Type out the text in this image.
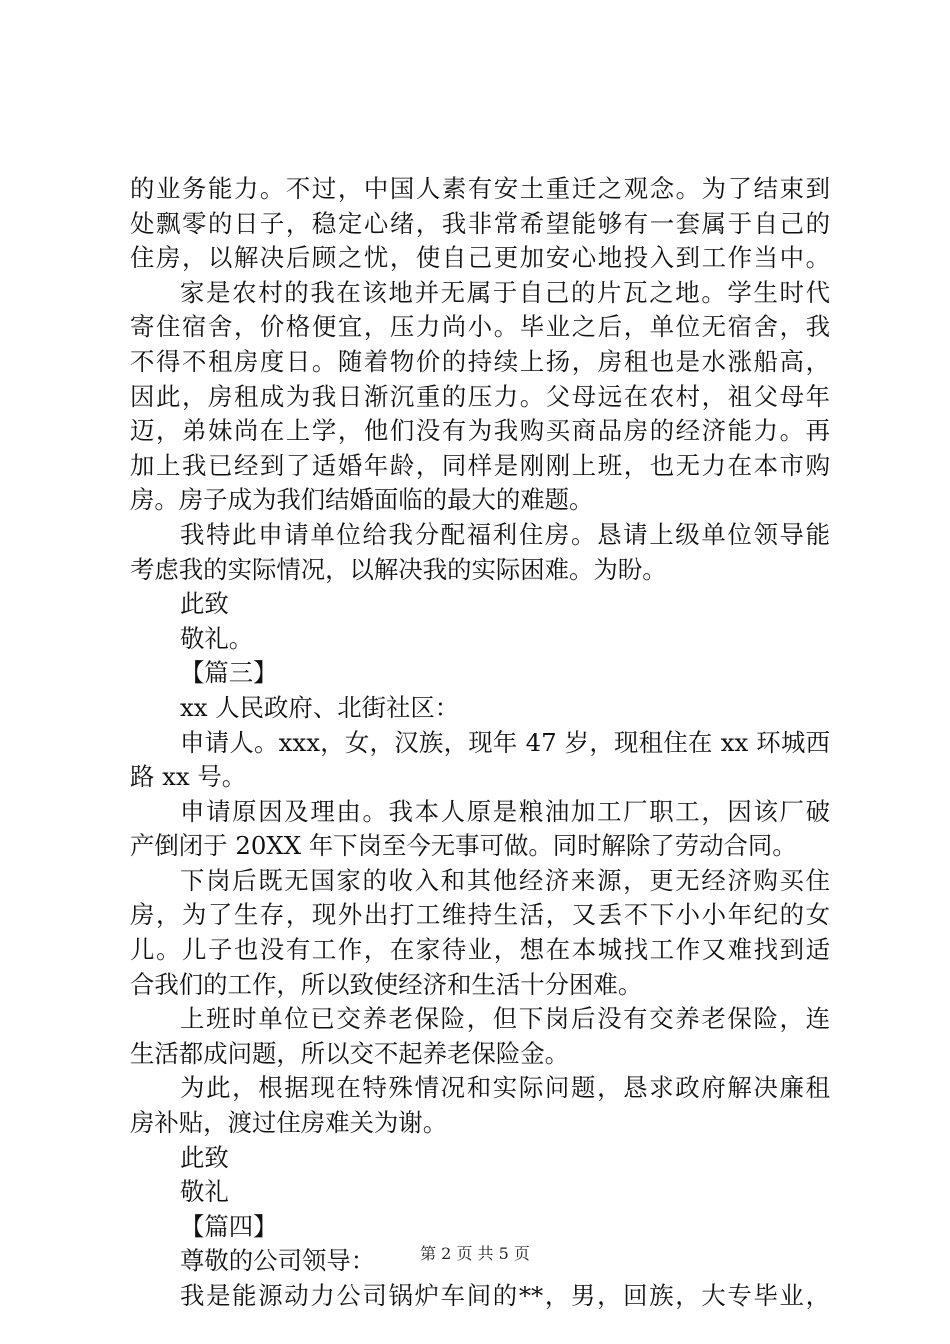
的业务能力。不过，中国人素有安土重迁之观念。为了结束到
处飘零的日子，稳定心绪，我非常希望能够有一套属于自己的
住房，以解决后顾之忧，使自己更加安心地投入到工作当中。
家是农村的我在该地并无属于自己的片瓦之地。学生时代
寄住宿舍，价格便宜，压力尚小。毕业之后，单位无宿舍，我
不得不租房度日。随着物价的持续上扬，房租也是水涨船高，
因此，房租成为我日渐沉重的压力。父母远在农村，祖父母年
迈，弟妹尚在上学，他们没有为我购买商品房的经济能力。再
加上我已经到了适婚年龄，同样是刚刚上班，也无力在本市购
房。房子成为我们结婚面临的最大的难题。
我特此申请单位给我分配福利住房。恳请上级单位领导能
考虑我的实际情况，以解决我的实际困难。为盼。
此致
敬礼。
【篇三】
xx 人民政府、北街社区：
申请人。xxx，女，汉族，现年 47 岁，现租住在 xx 环城西
路 xx 号。
申请原因及理由。我本人原是粮油加工厂职工，因该厂破
产倒闭于 20XX 年下岗至今无事可做。同时解除了劳动合同。
下岗后既无国家的收入和其他经济来源，更无经济购买住
房，为了生存，现外出打工维持生活，又丢不下小小年纪的女
儿。儿子也没有工作，在家待业，想在本城找工作又难找到适
合我们的工作，所以致使经济和生活十分困难。
上班时单位已交养老保险，但下岗后没有交养老保险，连
生活都成问题，所以交不起养老保险金。
为此，根据现在特殊情况和实际问题，恳求政府解决廉租
房补贴，渡过住房难关为谢。
此致
敬礼
【篇四】
尊敬的公司领导：
我是能源动力公司锅炉车间的**，男，回族，大专毕业，
第 2 页 共 5 页
